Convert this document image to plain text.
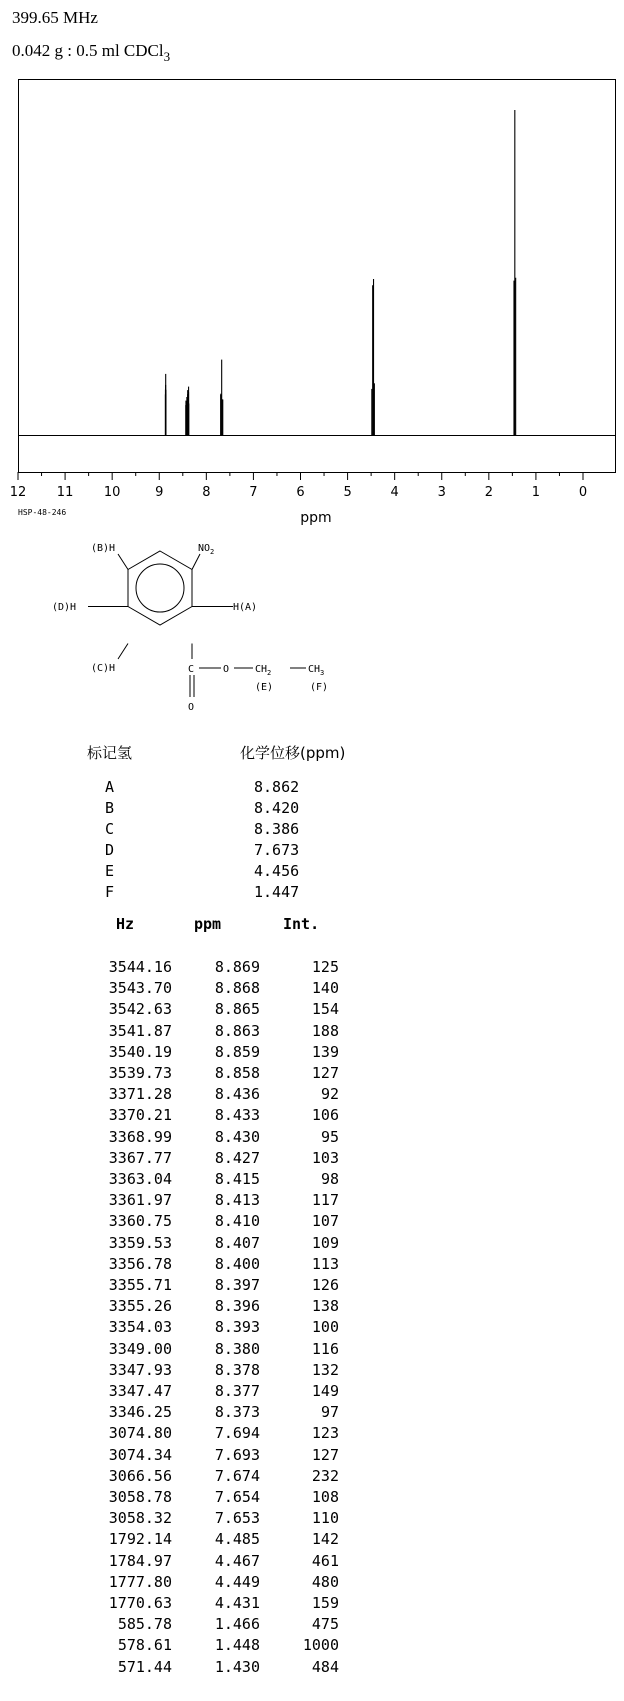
399.65 MHz
0.042 g : 0.5 ml CDCl$_3$
12 11 10	9	8	7	6	5	4	3	2	1	0
ppm
HSP-48-246
(B)H	$NO_2$
(D)H	H(A)
(C)H	C	O	$CH_2$	$CH_3$
(E)	(F)
O
标记氢	化学位移(ppm)
A	8.862
B	8.420
C	8.386
D	7.673
E	4.456
F	1.447
Hz	ppm	Int.
3544.16	8.869	125
3543.70	8.868	140
3542.63	8.865	154
3541.87	8.863	188
3540.19	8.859	139
3539.73	8.858	127
3371.28	8.436	92
3370.21	8.433	106
3368.99	8.430	95
3367.77	8.427	103
3363.04	8.415	98
3361.97	8.413	117
3360.75	8.410	107
3359.53	8.407	109
3356.78	8.400	113
3355.71	8.397	126
3355.26	8.396	138
3354.03	8.393	100
3349.00	8.380	116
3347.93	8.378	132
3347.47	8.377	149
3346.25	8.373	97
3074.80	7.694	123
3074.34	7.693	127
3066.56	7.674	232
3058.78	7.654	108
3058.32	7.653	110
1792.14	4.485	142
1784.97	4.467	461
1777.80	4.449	480
1770.63	4.431	159
585.78	1.466	475
578.61	1.448	1000
571.44	1.430	484
